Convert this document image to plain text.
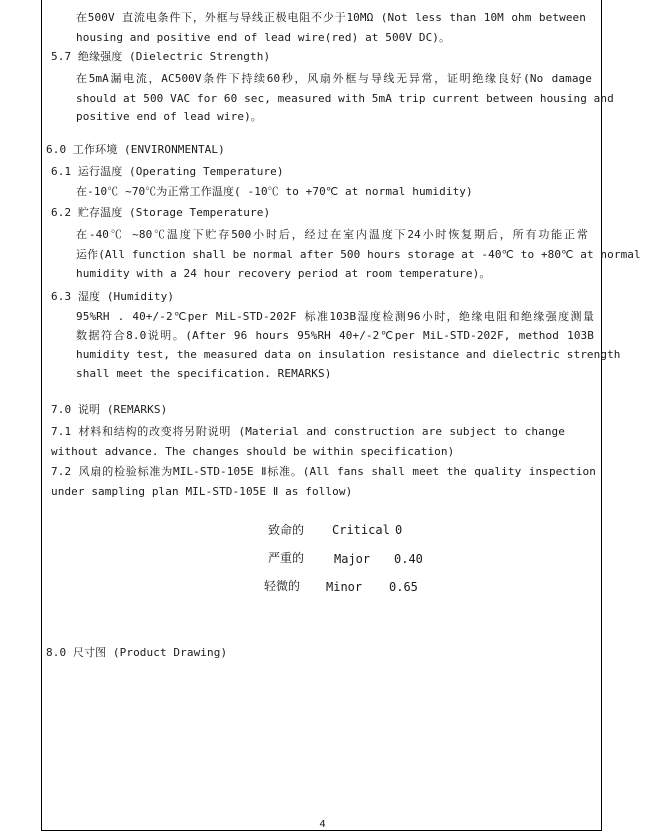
在500V 直流电条件下，外框与导线正极电阻不少于10MΩ (Not less than 10M ohm between
housing and positive end of lead wire(red) at 500V DC)。
5.7 绝缘强度 (Dielectric Strength)
在5mA漏电流，AC500V条件下持续60秒，风扇外框与导线无异常，证明绝缘良好(No damage
should at 500 VAC for 60 sec, measured with 5mA trip current between housing and
positive end of lead wire)。
6.0 工作环境 (ENVIRONMENTAL)
6.1 运行温度 (Operating Temperature)
在-10℃ ~70℃为正常工作温度( -10℃ to +70℃ at normal humidity)
6.2 贮存温度 (Storage Temperature)
在-40℃ ~80℃温度下贮存500小时后，经过在室内温度下24小时恢复期后，所有功能正常
运作(All function shall be normal after 500 hours storage at -40℃ to +80℃ at normal
humidity with a 24 hour recovery period at room temperature)。
6.3 湿度 (Humidity)
95%RH . 40+/-2℃per MiL-STD-202F 标准103B湿度检测96小时，绝缘电阻和绝缘强度测量
数据符合8.0说明。(After 96 hours 95%RH 40+/-2℃per MiL-STD-202F, method 103B
humidity test, the measured data on insulation resistance and dielectric strength
shall meet the specification. REMARKS)
7.0 说明 (REMARKS)
7.1 材料和结构的改变将另附说明 (Material and construction are subject to change
without advance. The changes should be within specification)
7.2 风扇的检验标准为MIL-STD-105E Ⅱ标准。(All fans shall meet the quality inspection
under sampling plan MIL-STD-105E Ⅱ as follow)
致命的 Critical 0
严重的 Major 0.40
轻微的 Minor 0.65
8.0 尺寸图 (Product Drawing)
4
